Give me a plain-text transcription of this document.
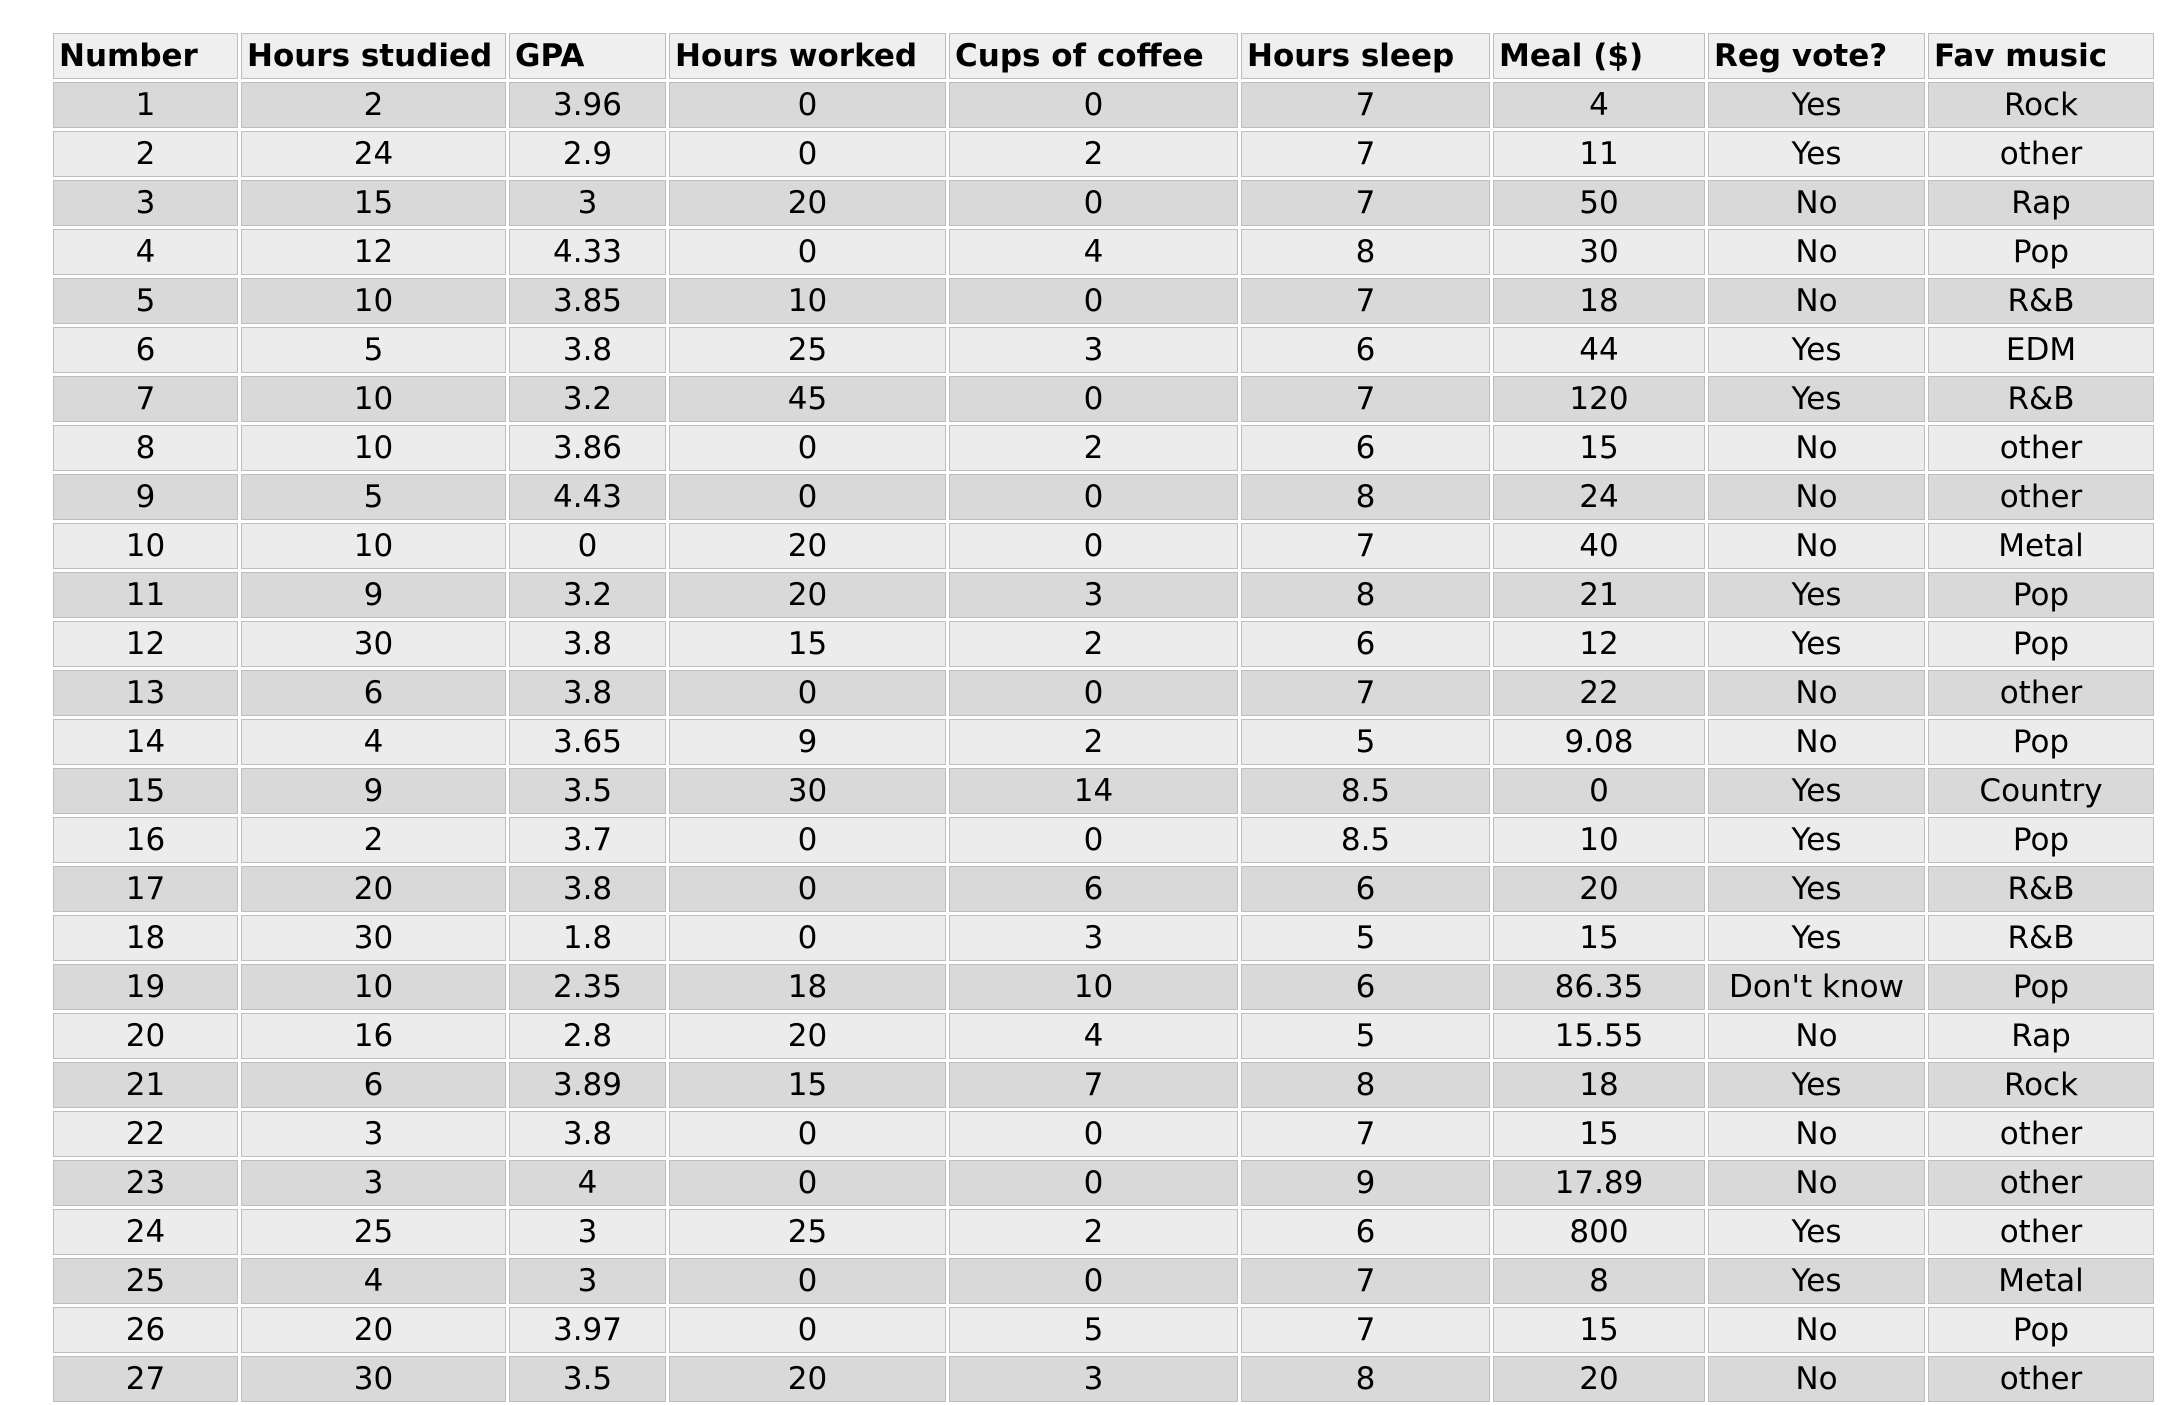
Number	Hours studied	GPA	Hours worked	Cups of coffee	Hours sleep	Meal ($)	Reg vote?	Fav music
1	2	3.96	0	0	7	4	Yes	Rock
2	24	2.9	0	2	7	11	Yes	other
3	15	3	20	0	7	50	No	Rap
4	12	4.33	0	4	8	30	No	Pop
5	10	3.85	10	0	7	18	No	R&B
6	5	3.8	25	3	6	44	Yes	EDM
7	10	3.2	45	0	7	120	Yes	R&B
8	10	3.86	0	2	6	15	No	other
9	5	4.43	0	0	8	24	No	other
10	10	0	20	0	7	40	No	Metal
11	9	3.2	20	3	8	21	Yes	Pop
12	30	3.8	15	2	6	12	Yes	Pop
13	6	3.8	0	0	7	22	No	other
14	4	3.65	9	2	5	9.08	No	Pop
15	9	3.5	30	14	8.5	0	Yes	Country
16	2	3.7	0	0	8.5	10	Yes	Pop
17	20	3.8	0	6	6	20	Yes	R&B
18	30	1.8	0	3	5	15	Yes	R&B
19	10	2.35	18	10	6	86.35	Don't know	Pop
20	16	2.8	20	4	5	15.55	No	Rap
21	6	3.89	15	7	8	18	Yes	Rock
22	3	3.8	0	0	7	15	No	other
23	3	4	0	0	9	17.89	No	other
24	25	3	25	2	6	800	Yes	other
25	4	3	0	0	7	8	Yes	Metal
26	20	3.97	0	5	7	15	No	Pop
27	30	3.5	20	3	8	20	No	other
